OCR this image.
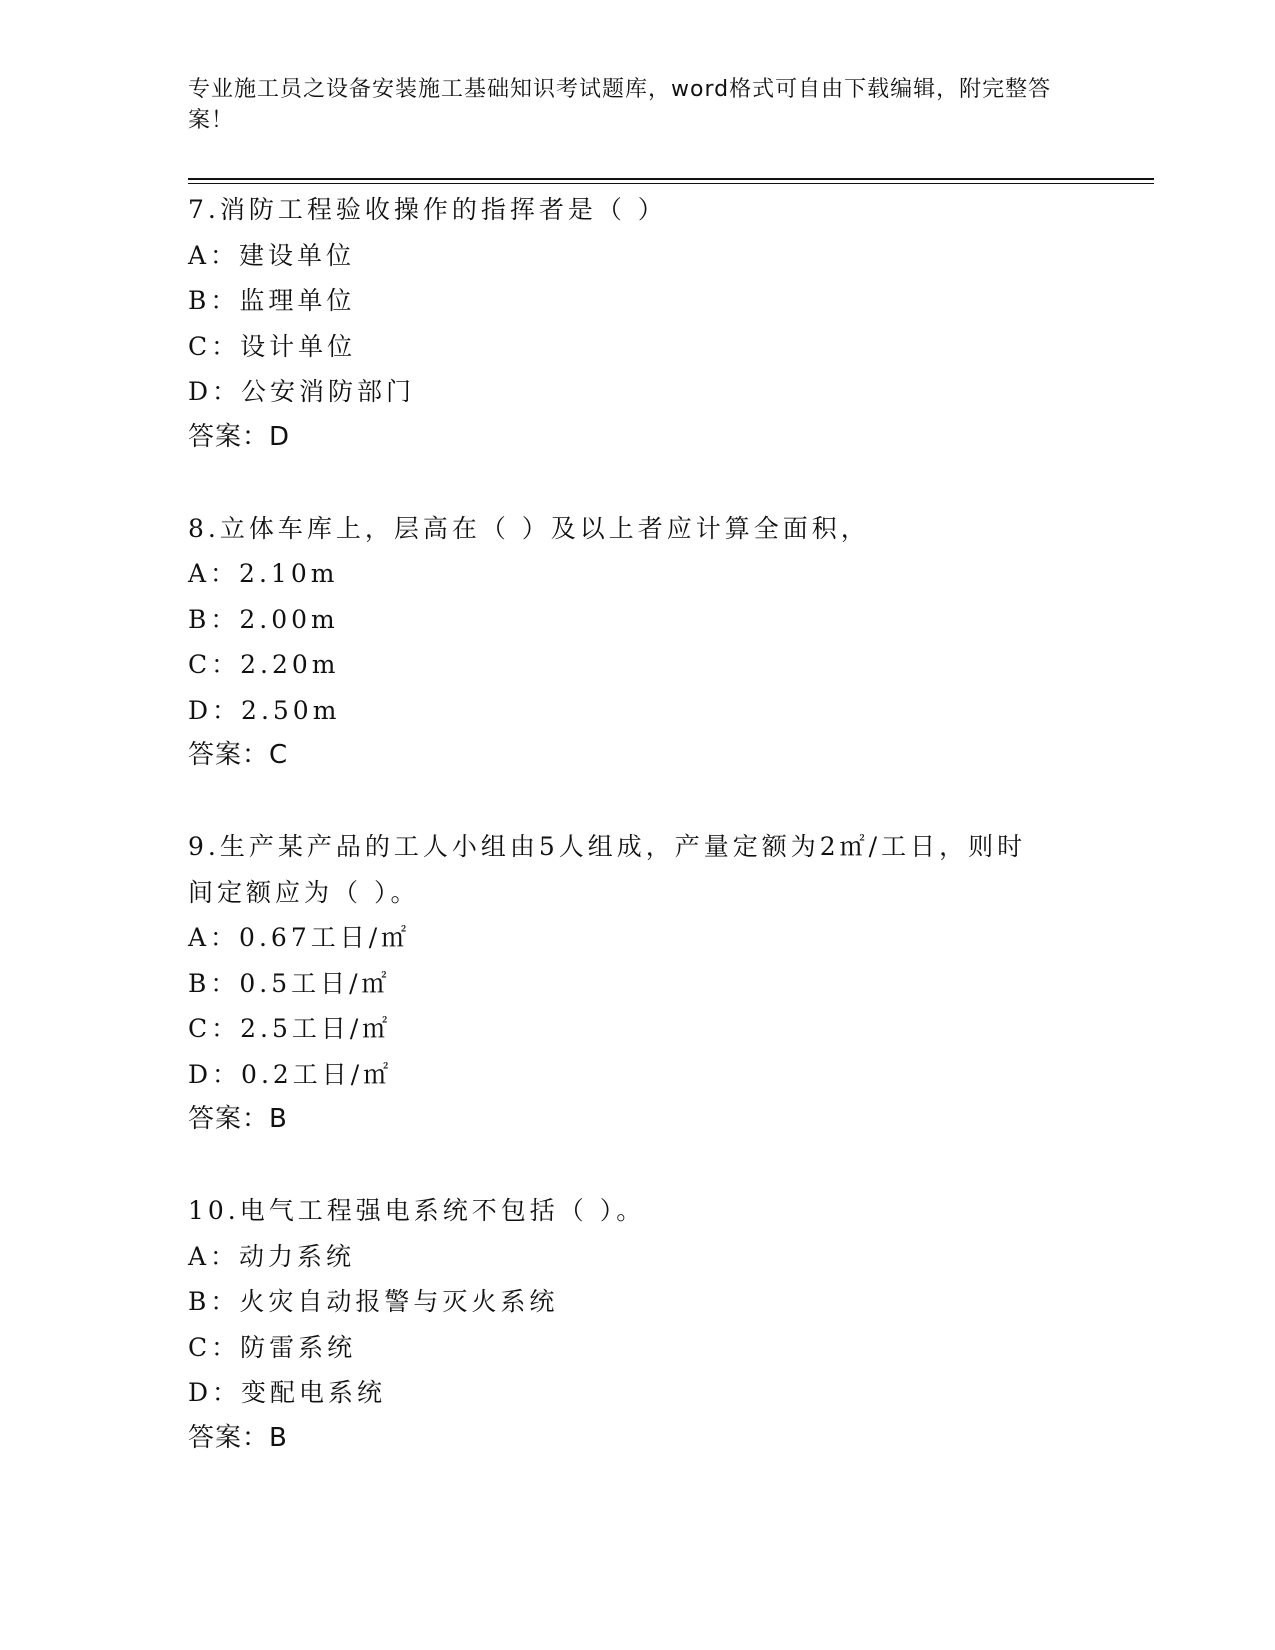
专业施工员之设备安装施工基础知识考试题库，word格式可自由下载编辑，附完整答案！
7.消防工程验收操作的指挥者是（ ）
A：建设单位
B：监理单位
C：设计单位
D：公安消防部门
答案：D
8.立体车库上，层高在（ ）及以上者应计算全面积，
A：2.10m
B：2.00m
C：2.20m
D：2.50m
答案：C
9.生产某产品的工人小组由5人组成，产量定额为2㎡/工日，则时间定额应为（ ）。
A：0.67工日/㎡
B：0.5工日/㎡
C：2.5工日/㎡
D：0.2工日/㎡
答案：B
10.电气工程强电系统不包括（ ）。
A：动力系统
B：火灾自动报警与灭火系统
C：防雷系统
D：变配电系统
答案：B
